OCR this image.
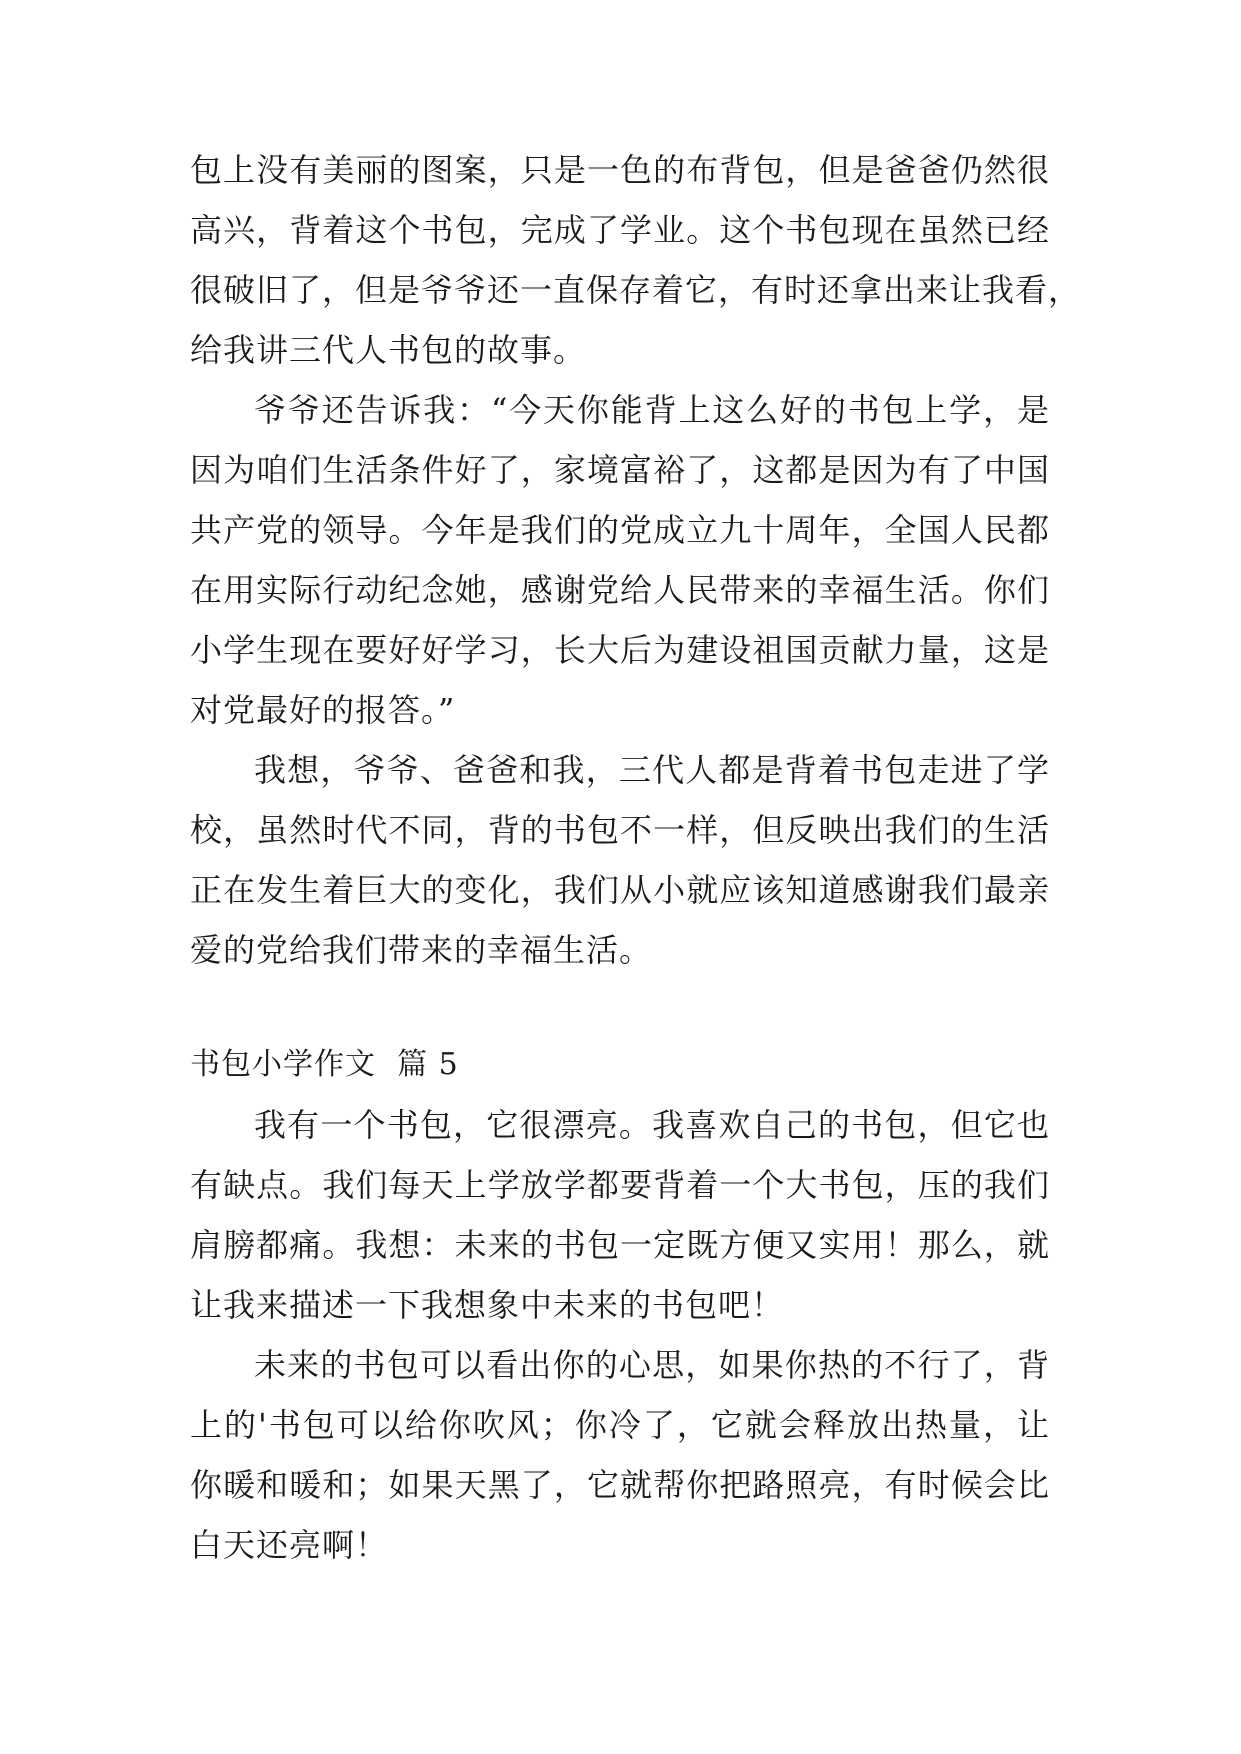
包上没有美丽的图案，只是一色的布背包，但是爸爸仍然很
高兴，背着这个书包，完成了学业。这个书包现在虽然已经
很破旧了，但是爷爷还一直保存着它，有时还拿出来让我看，
给我讲三代人书包的故事。
爷爷还告诉我：“今天你能背上这么好的书包上学，是
因为咱们生活条件好了，家境富裕了，这都是因为有了中国
共产党的领导。今年是我们的党成立九十周年，全国人民都
在用实际行动纪念她，感谢党给人民带来的幸福生活。你们
小学生现在要好好学习，长大后为建设祖国贡献力量，这是
对党最好的报答。”
我想，爷爷、爸爸和我，三代人都是背着书包走进了学
校，虽然时代不同，背的书包不一样，但反映出我们的生活
正在发生着巨大的变化，我们从小就应该知道感谢我们最亲
爱的党给我们带来的幸福生活。
书包小学作文  篇 5
我有一个书包，它很漂亮。我喜欢自己的书包，但它也
有缺点。我们每天上学放学都要背着一个大书包，压的我们
肩膀都痛。我想：未来的书包一定既方便又实用！那么，就
让我来描述一下我想象中未来的书包吧！
未来的书包可以看出你的心思，如果你热的不行了，背
上的'书包可以给你吹风；你冷了，它就会释放出热量，让
你暖和暖和；如果天黑了，它就帮你把路照亮，有时候会比
白天还亮啊！
